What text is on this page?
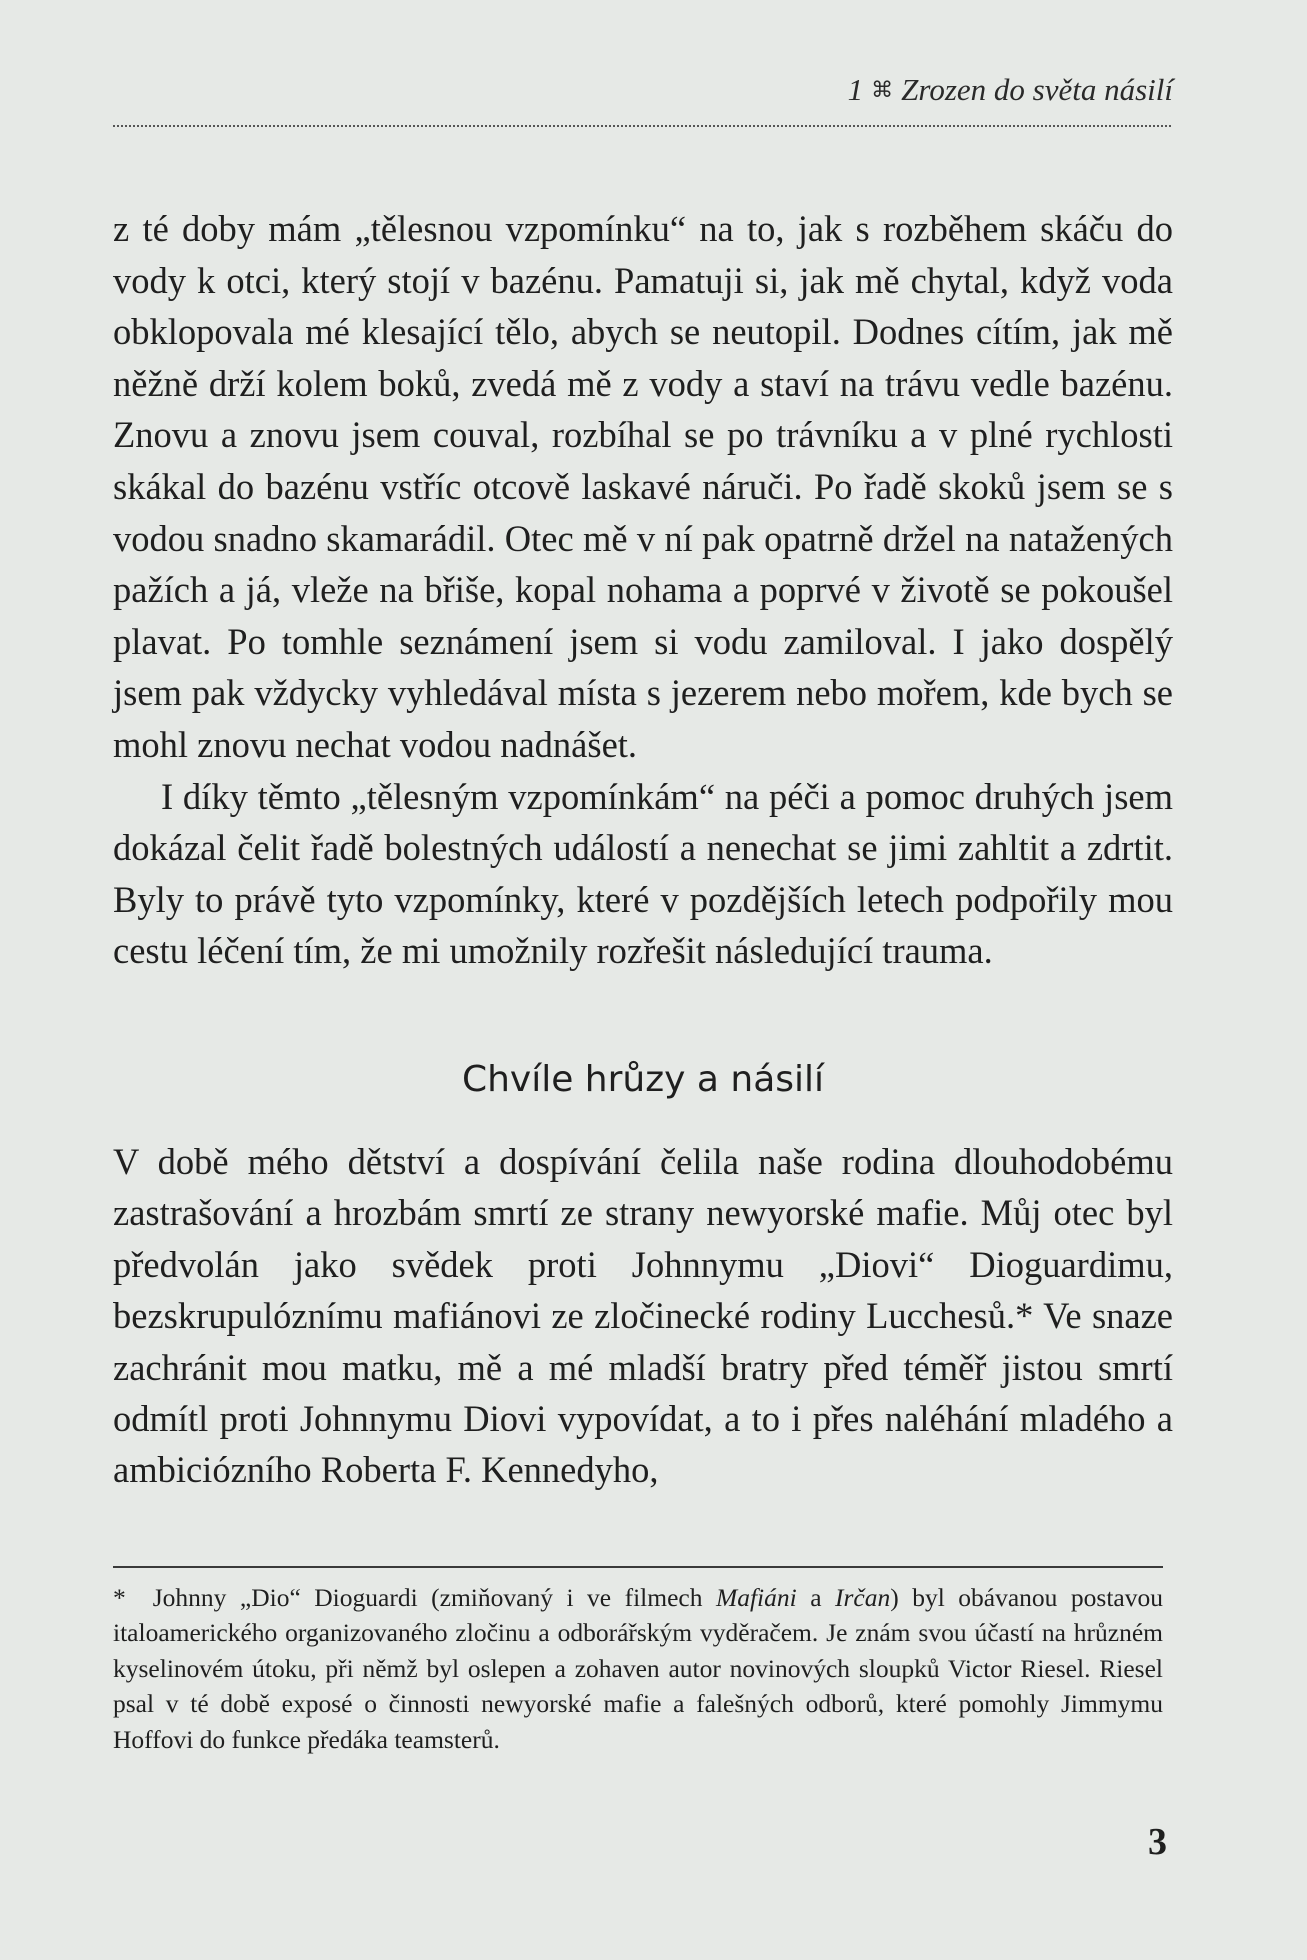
1 ⌘ Zrozen do světa násilí

z té doby mám „tělesnou vzpomínku“ na to, jak s rozběhem skáču do vody k otci, který stojí v bazénu. Pamatuji si, jak mě chytal, když voda obklopovala mé klesající tělo, abych se neutopil. Dodnes cítím, jak mě něžně drží kolem boků, zvedá mě z vody a staví na trávu vedle bazénu. Znovu a znovu jsem couval, rozbíhal se po trávníku a v plné rychlosti skákal do bazénu vstříc otcově laskavé náruči. Po řadě skoků jsem se s vodou snadno skamarádil. Otec mě v ní pak opatrně držel na natažených pažích a já, vleže na břiše, kopal nohama a poprvé v životě se pokoušel plavat. Po tomhle seznámení jsem si vodu zamiloval. I jako dospělý jsem pak vždycky vyhledával místa s jezerem nebo mořem, kde bych se mohl znovu nechat vodou nadnášet.

I díky těmto „tělesným vzpomínkám“ na péči a pomoc druhých jsem dokázal čelit řadě bolestných událostí a nenechat se jimi zahltit a zdrtit. Byly to právě tyto vzpomínky, které v pozdějších letech podpořily mou cestu léčení tím, že mi umožnily rozřešit následující trauma.

Chvíle hrůzy a násilí

V době mého dětství a dospívání čelila naše rodina dlouhodobému zastrašování a hrozbám smrtí ze strany newyorské mafie. Můj otec byl předvolán jako svědek proti Johnnymu „Diovi“ Dioguardimu, bezskrupulóznímu mafiánovi ze zločinecké rodiny Lucchesů.* Ve snaze zachránit mou matku, mě a mé mladší bratry před téměř jistou smrtí odmítl proti Johnnymu Diovi vypovídat, a to i přes naléhání mladého a ambiciózního Roberta F. Kennedyho,

* Johnny „Dio“ Dioguardi (zmiňovaný i ve filmech Mafiáni a Irčan) byl obávanou postavou italoamerického organizovaného zločinu a odborářským vyděračem. Je znám svou účastí na hrůzném kyselinovém útoku, při němž byl oslepen a zohaven autor novinových sloupků Victor Riesel. Riesel psal v té době exposé o činnosti newyorské mafie a falešných odborů, které pomohly Jimmymu Hoffovi do funkce předáka teamsterů.

3
